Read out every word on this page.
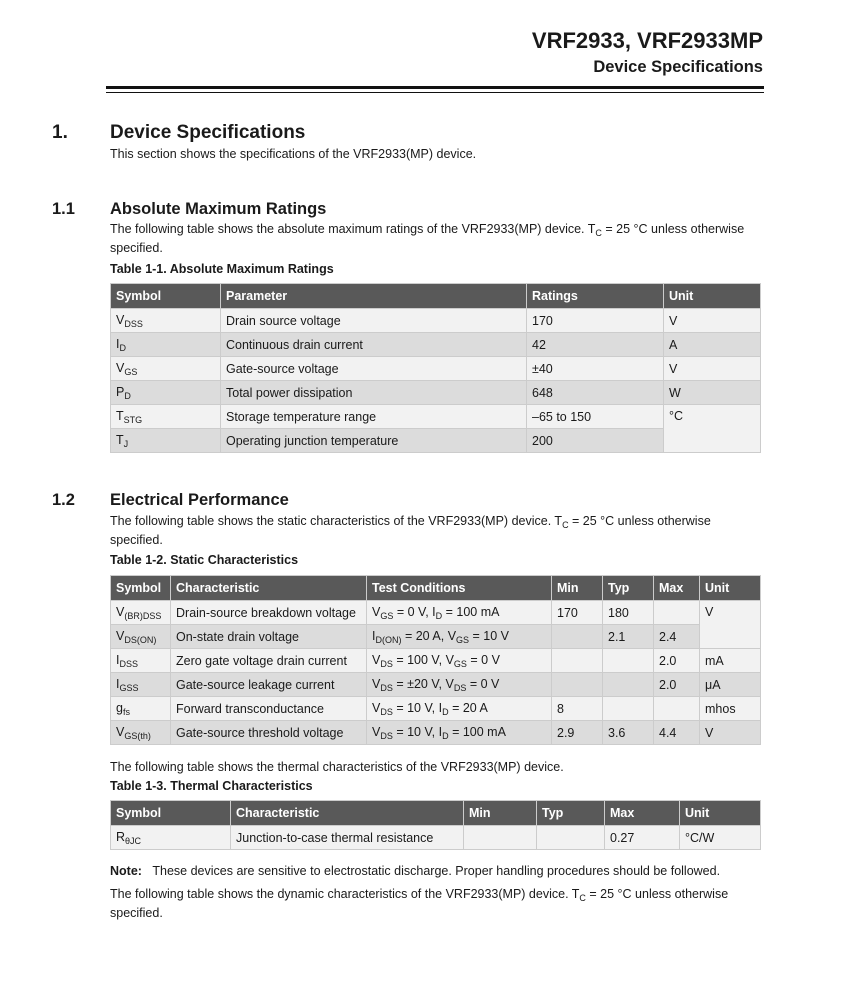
VRF2933, VRF2933MP
Device Specifications
1. Device Specifications
This section shows the specifications of the VRF2933(MP) device.
1.1 Absolute Maximum Ratings
The following table shows the absolute maximum ratings of the VRF2933(MP) device. $T_C = 25$ °C unless otherwise specified.
Table 1-1. Absolute Maximum Ratings
Symbol	Parameter	Ratings	Unit
$V_{DSS}$	Drain source voltage	170	V
$I_D$	Continuous drain current	42	A
$V_{GS}$	Gate-source voltage	±40	V
$P_D$	Total power dissipation	648	W
$T_{STG}$	Storage temperature range	–65 to 150	°C
$T_J$	Operating junction temperature	200	
1.2 Electrical Performance
The following table shows the static characteristics of the VRF2933(MP) device. $T_C = 25$ °C unless otherwise specified.
Table 1-2. Static Characteristics
Symbol	Characteristic	Test Conditions	Min	Typ	Max	Unit
$V_{(BR)DSS}$	Drain-source breakdown voltage	$V_{GS} = 0$ V, $I_D = 100$ mA	170	180		V
$V_{DS(ON)}$	On-state drain voltage	$I_{D(ON)} = 20$ A, $V_{GS} = 10$ V		2.1	2.4	
$I_{DSS}$	Zero gate voltage drain current	$V_{DS} = 100$ V, $V_{GS} = 0$ V			2.0	mA
$I_{GSS}$	Gate-source leakage current	$V_{DS} = \pm 20$ V, $V_{DS} = 0$ V			2.0	μA
$g_{fs}$	Forward transconductance	$V_{DS} = 10$ V, $I_D = 20$ A	8			mhos
$V_{GS(th)}$	Gate-source threshold voltage	$V_{DS} = 10$ V, $I_D = 100$ mA	2.9	3.6	4.4	V
The following table shows the thermal characteristics of the VRF2933(MP) device.
Table 1-3. Thermal Characteristics
Symbol	Characteristic	Min	Typ	Max	Unit
$R_{\theta JC}$	Junction-to-case thermal resistance			0.27	°C/W
Note: These devices are sensitive to electrostatic discharge. Proper handling procedures should be followed.
The following table shows the dynamic characteristics of the VRF2933(MP) device. $T_C = 25$ °C unless otherwise specified.
